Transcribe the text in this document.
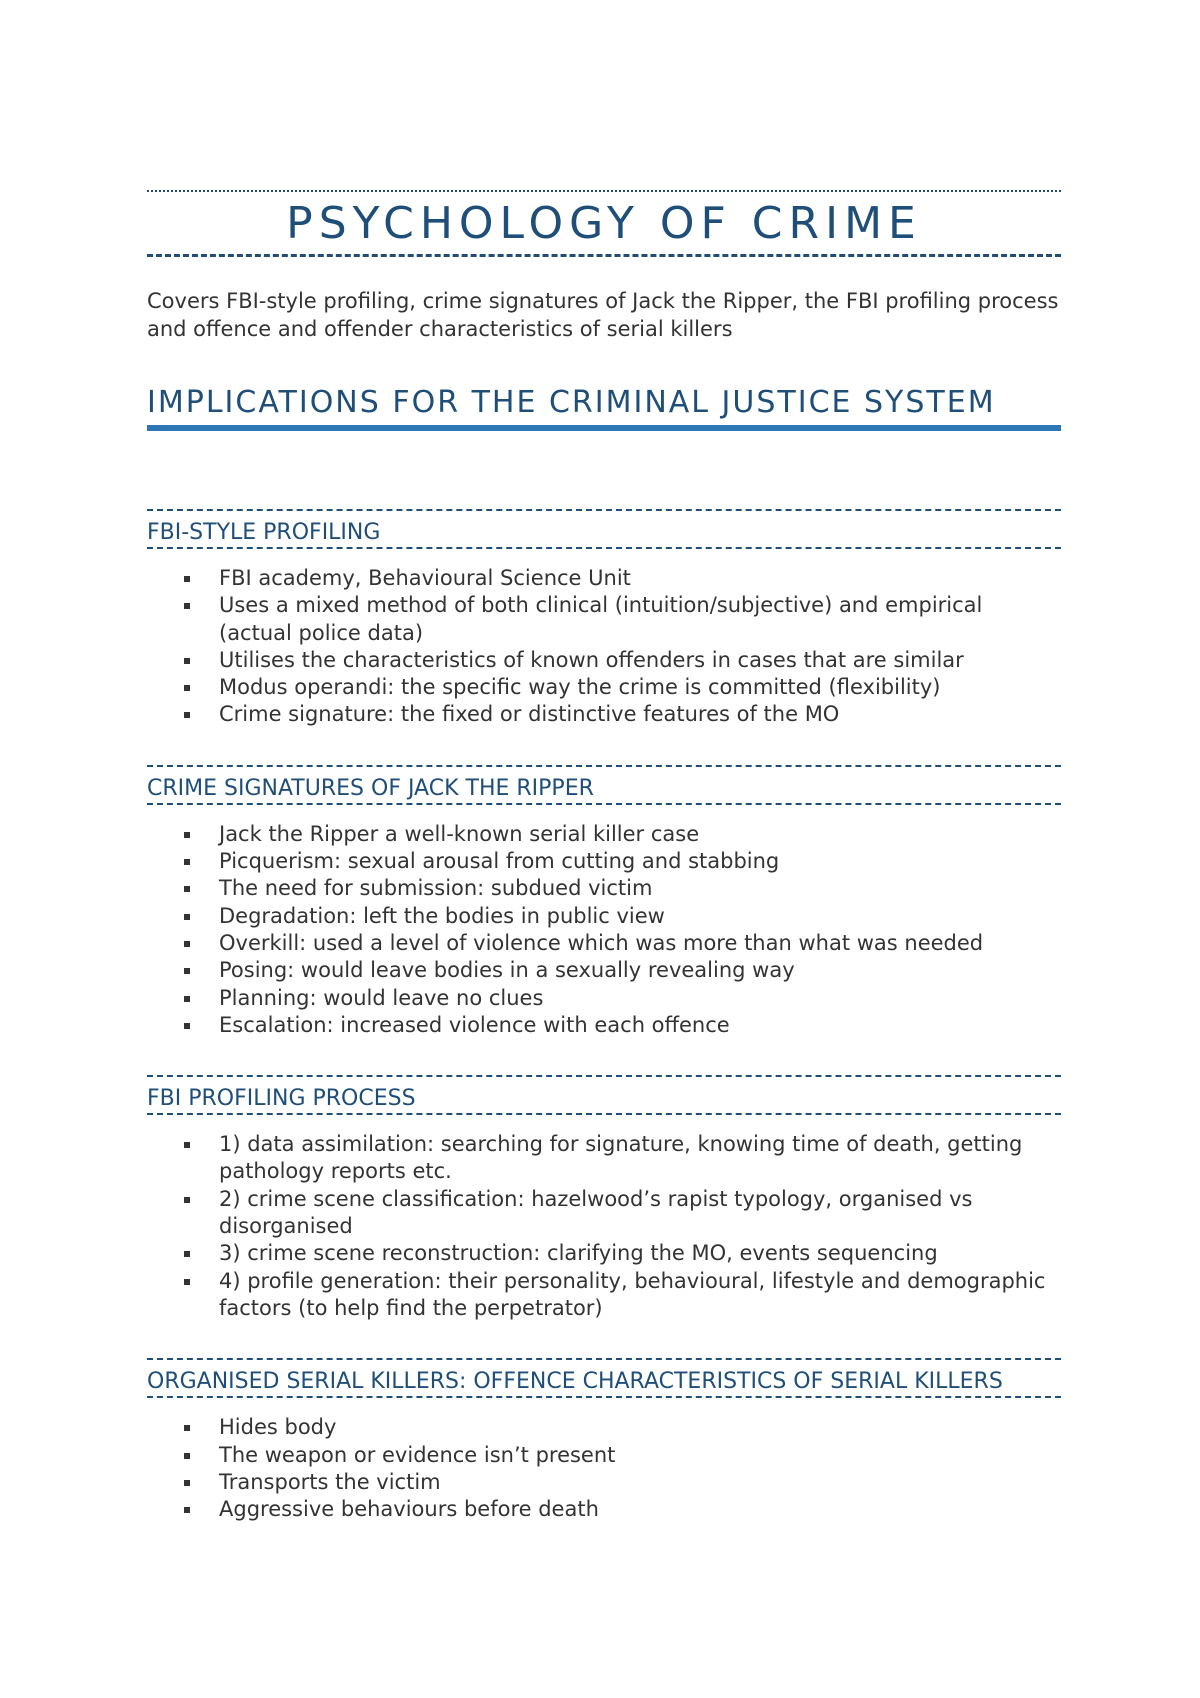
PSYCHOLOGY OF CRIME

Covers FBI-style profiling, crime signatures of Jack the Ripper, the FBI profiling process and offence and offender characteristics of serial killers

IMPLICATIONS FOR THE CRIMINAL JUSTICE SYSTEM
FBI-STYLE PROFILING
FBI academy, Behavioural Science Unit
Uses a mixed method of both clinical (intuition/subjective) and empirical (actual police data)
Utilises the characteristics of known offenders in cases that are similar
Modus operandi: the specific way the crime is committed (flexibility)
Crime signature: the fixed or distinctive features of the MO
CRIME SIGNATURES OF JACK THE RIPPER
Jack the Ripper a well-known serial killer case
Picquerism: sexual arousal from cutting and stabbing
The need for submission: subdued victim
Degradation: left the bodies in public view
Overkill: used a level of violence which was more than what was needed
Posing: would leave bodies in a sexually revealing way
Planning: would leave no clues
Escalation: increased violence with each offence
FBI PROFILING PROCESS
1) data assimilation: searching for signature, knowing time of death, getting pathology reports etc.
2) crime scene classification: hazelwood’s rapist typology, organised vs disorganised
3) crime scene reconstruction: clarifying the MO, events sequencing
4) profile generation: their personality, behavioural, lifestyle and demographic factors (to help find the perpetrator)
ORGANISED SERIAL KILLERS: OFFENCE CHARACTERISTICS OF SERIAL KILLERS
Hides body
The weapon or evidence isn’t present
Transports the victim
Aggressive behaviours before death
